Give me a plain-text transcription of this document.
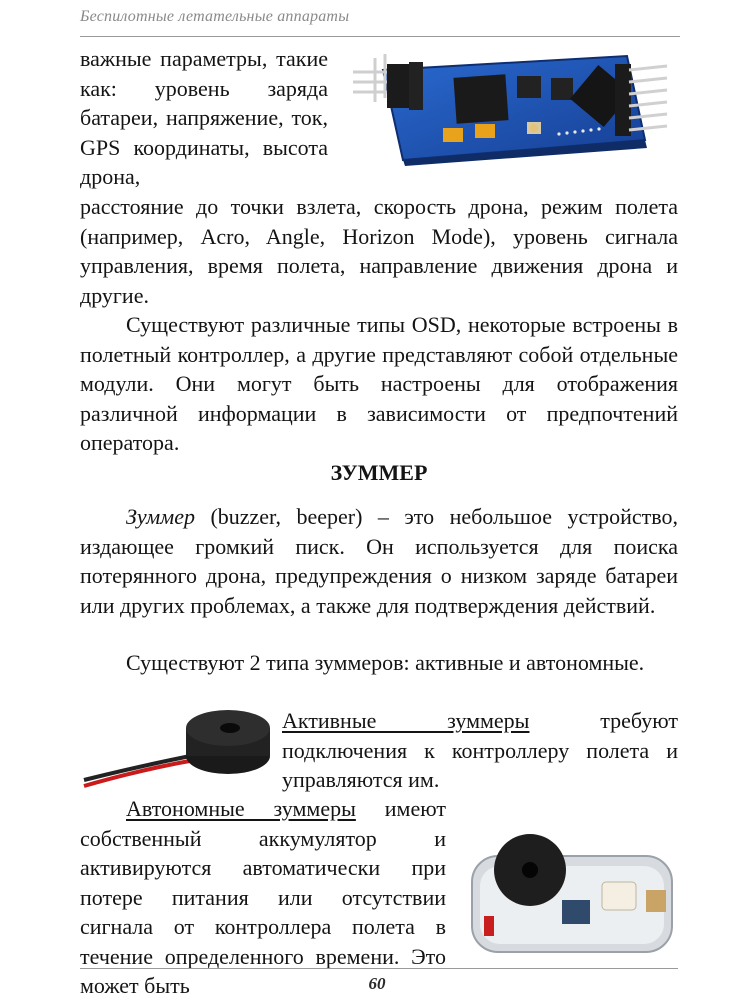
Беспилотные летательные аппараты
важные параметры, такие как: уровень заряда батареи, напряжение, ток, GPS координаты, высота дрона,
расстояние до точки взлета, скорость дрона, режим полета (например, Acro, Angle, Horizon Mode), уровень сигнала управления, время полета, направление движения дрона и другие.
Существуют различные типы OSD, некоторые встроены в полетный контроллер, а другие представляют собой отдельные модули. Они могут быть настроены для отображения различной информации в зависимости от предпочтений оператора.
ЗУММЕР
Зуммер (buzzer, beeper) – это небольшое устройство, издающее громкий писк. Он используется для поиска потерянного дрона, предупреждения о низком заряде батареи или других проблемах, а также для подтверждения действий.
Существуют 2 типа зуммеров: активные и автономные.
Активные зуммеры	требуют подключения к контроллеру полета и управляются им.
Автономные зуммеры имеют собственный аккумулятор и активируются автоматически при потере питания или отсутствии сигнала от контроллера полета в течение определенного времени. Это может быть	60
